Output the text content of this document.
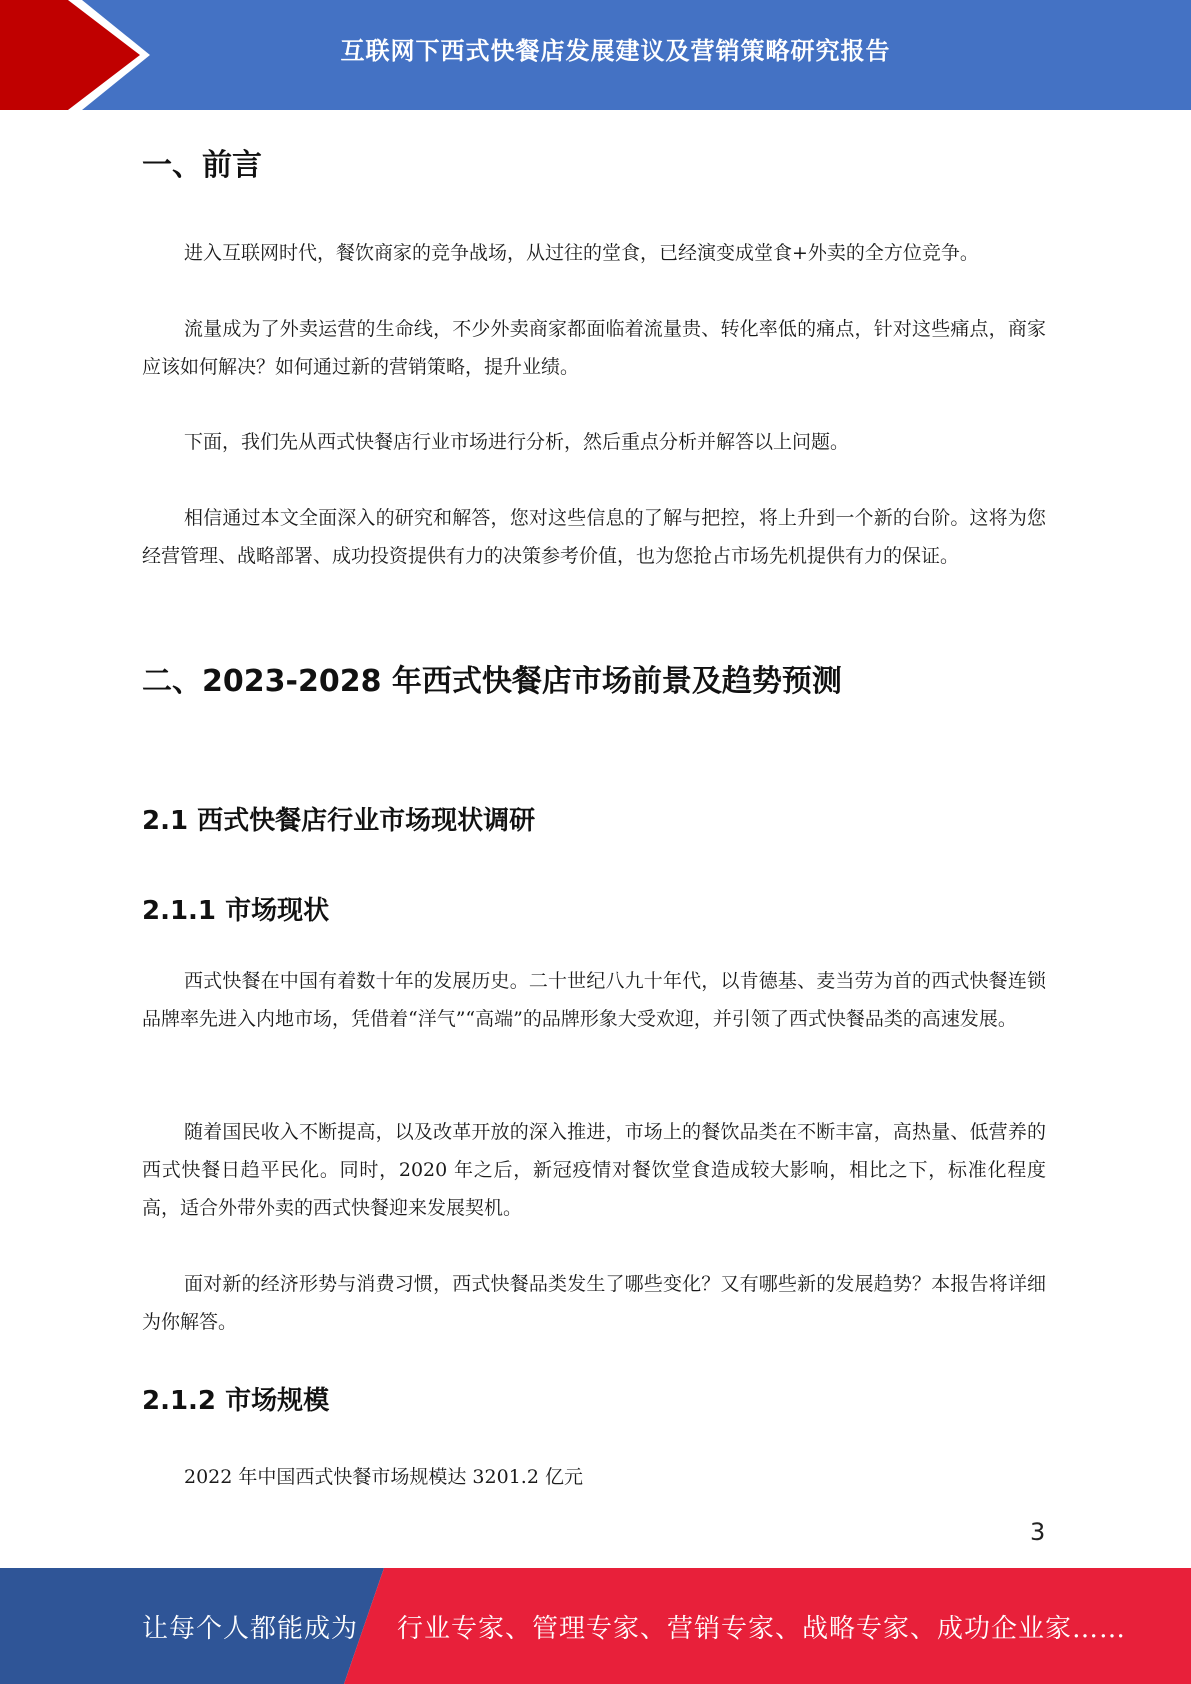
互联网下西式快餐店发展建议及营销策略研究报告
一、前言

进入互联网时代，餐饮商家的竞争战场，从过往的堂食，已经演变成堂食+外卖的全方位竞争。

流量成为了外卖运营的生命线，不少外卖商家都面临着流量贵、转化率低的痛点，针对这些痛点，商家应该如何解决？如何通过新的营销策略，提升业绩。

下面，我们先从西式快餐店行业市场进行分析，然后重点分析并解答以上问题。

相信通过本文全面深入的研究和解答，您对这些信息的了解与把控，将上升到一个新的台阶。这将为您经营管理、战略部署、成功投资提供有力的决策参考价值，也为您抢占市场先机提供有力的保证。

二、2023-2028 年西式快餐店市场前景及趋势预测
2.1 西式快餐店行业市场现状调研
2.1.1 市场现状

西式快餐在中国有着数十年的发展历史。二十世纪八九十年代，以肯德基、麦当劳为首的西式快餐连锁品牌率先进入内地市场，凭借着“洋气”“高端”的品牌形象大受欢迎，并引领了西式快餐品类的高速发展。

随着国民收入不断提高，以及改革开放的深入推进，市场上的餐饮品类在不断丰富，高热量、低营养的西式快餐日趋平民化。同时，2020 年之后，新冠疫情对餐饮堂食造成较大影响，相比之下，标准化程度高，适合外带外卖的西式快餐迎来发展契机。

面对新的经济形势与消费习惯，西式快餐品类发生了哪些变化？又有哪些新的发展趋势？本报告将详细为你解答。

2.1.2 市场规模

2022 年中国西式快餐市场规模达 3201.2 亿元

3
让每个人都能成为 行业专家、管理专家、营销专家、战略专家、成功企业家……
